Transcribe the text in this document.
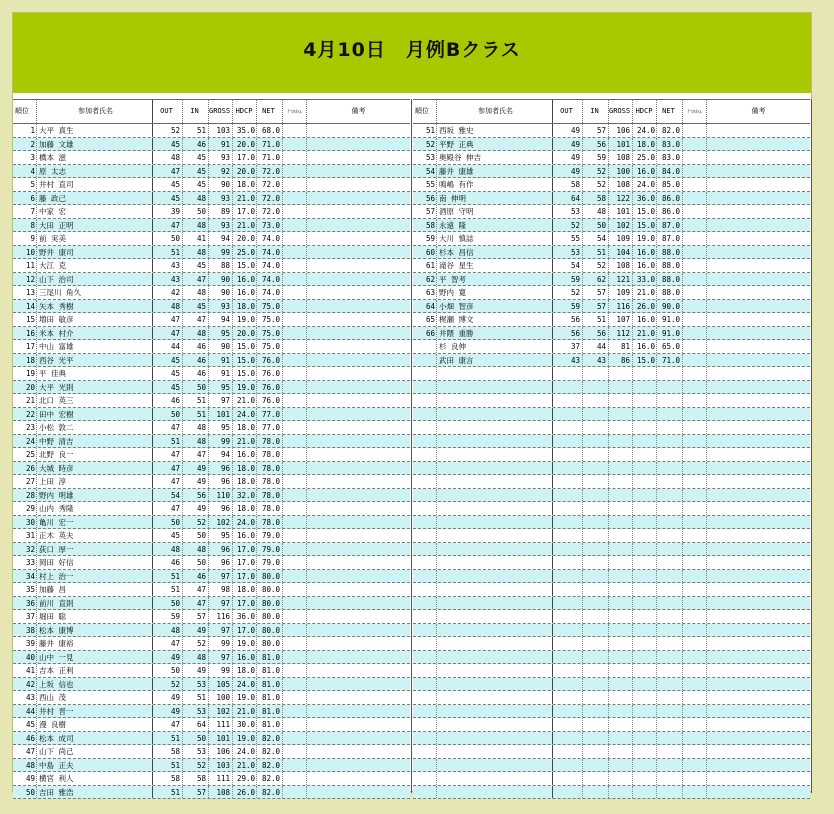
4月10日　月例Bクラス
順位	参加者氏名	OUT	IN	GROSS HDCP	NET	ｸﾞﾛｽﾀｲﾑ	備考
1 大平 真生	52	51	103 35.0 68.0
2 加藤 文雄	45	46	91 20.0 71.0
3 橋本 滋	48	45	93 17.0 71.0
4 原 太志	47	45	92 20.0 72.0
5 井村 直司	45	45	90 18.0 72.0
6 藤 政己	45	48	93 21.0 72.0
7 中家 宏	39	50	89 17.0 72.0
8 大田 正明	47	48	93 21.0 73.0
9 前 実美	50	41	94 20.0 74.0
10 野井 康司	51	48	99 25.0 74.0
11 大江 克	43	45	88 15.0 74.0
12 山下 治司	43	47	90 16.0 74.0
13 三尾川 角久	42	48	90 16.0 74.0
14 矢本 秀樹	48	45	93 18.0 75.0
15 増田 敏彦	47	47	94 19.0 75.0
16 米本 村介	47	48	95 20.0 75.0
17 中山 富雄	44	46	90 15.0 75.0
18 西谷 光平	45	46	91 15.0 76.0
19 平 佳典	45	46	91 15.0 76.0
20 大平 光則	45	50	95 19.0 76.0
21 北口 英三	46	51	97 21.0 76.0
22 田中 宏樹	50	51	101 24.0 77.0
23 小松 敦二	47	48	95 18.0 77.0
24 中野 清吉	51	48	99 21.0 78.0
25 北野 良一	47	47	94 16.0 78.0
26 大城 時彦	47	49	96 18.0 78.0
27 上田 淳	47	49	96 18.0 78.0
28 野内 明雄	54	56	110 32.0 78.0
29 山内 秀隆	47	49	96 18.0 78.0
30 亀川 宏一	50	52	102 24.0 78.0
31 正木 英夫	45	50	95 16.0 79.0
32 荻口 厚一	48	48	96 17.0 79.0
33 岡田 好信	46	50	96 17.0 79.0
34 村上 治一	51	46	97 17.0 80.0
35 加藤 昌	51	47	98 18.0 80.0
36 前川 直則	50	47	97 17.0 80.0
37 堀田 聡	59	57	116 36.0 80.0
38 松本 康博	48	49	97 17.0 80.0
39 藤井 康裕	47	52	99 19.0 80.0
40 山中 一見	49	48	97 16.0 81.0
41 吉本 正利	50	49	99 18.0 81.0
42 上坂 信也	52	53	105 24.0 81.0
43 西山 茂	49	51	100 19.0 81.0
44 井村 晋一	49	53	102 21.0 81.0
45 漫 良樹	47	64	111 30.0 81.0
46 松本 成司	51	50	101 19.0 82.0
47 山下 尚己	58	53	106 24.0 82.0
48 中島 正夫	51	52	103 21.0 82.0
49 横宮 利人	58	58	111 29.0 82.0
50 吉田 雅浩	51	57	108 26.0 82.0
順位	参加者氏名	OUT	IN	GROSS HDCP	NET	ｸﾞﾛｽﾀｲﾑ	備考
51 西坂 雅史	49	57	106 24.0 82.0
52 平野 正典	49	56	101 18.0 83.0
53 奥殿谷 伸吉	49	59	108 25.0 83.0
54 藤井 康雄	49	52	100 16.0 84.0
55 鳴嶋 有作	58	52	108 24.0 85.0
56 南 伸明	64	58	122 36.0 86.0
57 酒原 守明	53	48	101 15.0 86.0
58 永遠 隆	52	50	102 15.0 87.0
59 大川 慎誌	55	54	109 19.0 87.0
60 杉本 昌信	53	51	104 16.0 88.0
61 滝谷 星生	54	52	108 16.0 88.0
62 平 智考	59	62	121 33.0 88.0
63 野内 寛	52	57	109 21.0 88.0
64 小畑 智彦	59	57	116 26.0 90.0
65 梶瀬 博文	56	51	107 16.0 91.0
66 井隈 重勝	56	56	112 21.0 91.0
杉 良伸	37	44	81 16.0 65.0
武田 康言	43	43	86 15.0 71.0
